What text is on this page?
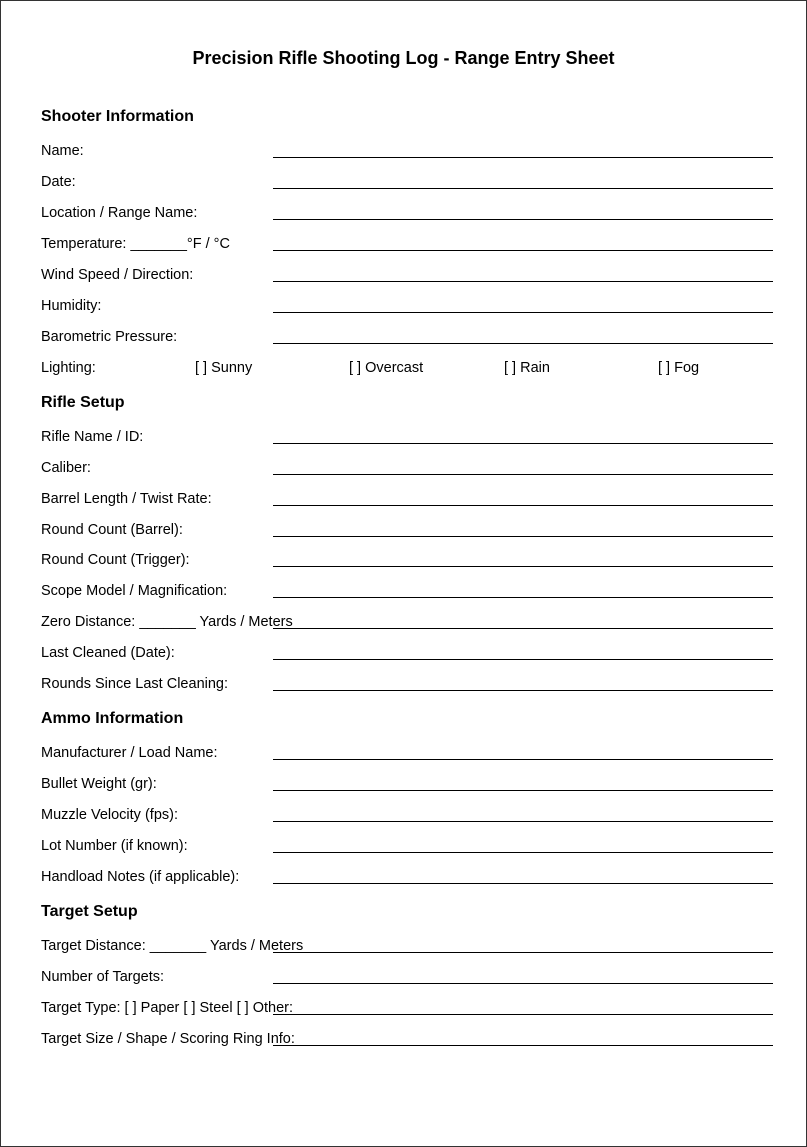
Precision Rifle Shooting Log - Range Entry Sheet
Shooter Information
Name:
Date:
Location / Range Name:
Temperature: _______°F / °C
Wind Speed / Direction:
Humidity:
Barometric Pressure:
Lighting:	[ ] Sunny	[ ] Overcast	[ ] Rain	[ ] Fog
Rifle Setup
Rifle Name / ID:
Caliber:
Barrel Length / Twist Rate:
Round Count (Barrel):
Round Count (Trigger):
Scope Model / Magnification:
Zero Distance: _______ Yards / Meters
Last Cleaned (Date):
Rounds Since Last Cleaning:
Ammo Information
Manufacturer / Load Name:
Bullet Weight (gr):
Muzzle Velocity (fps):
Lot Number (if known):
Handload Notes (if applicable):
Target Setup
Target Distance: _______ Yards / Meters
Number of Targets:
Target Type: [ ] Paper [ ] Steel [ ] Other:
Target Size / Shape / Scoring Ring Info:
